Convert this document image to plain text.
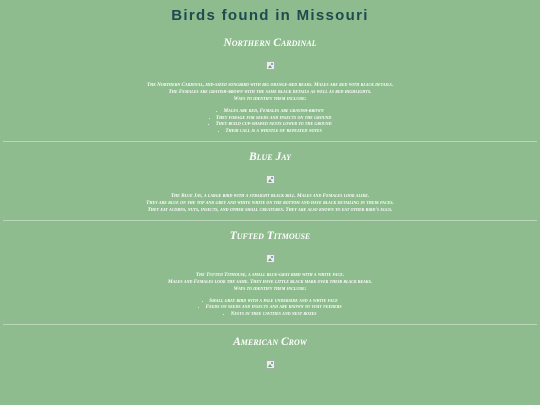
Birds found in Missouri
Northern Cardinal
The Northern Cardinal, mid-sized songbird with big orange-red beaks. Males are red with black details.
The Females are grayish-brown with the same black details as well as red highlights.
Ways to identify them include:
• Males are red, Females are grayish-brown
• They forage for seeds and insects on the ground
• They build cup-shaped nests lower to the ground
• Their call is a whistle of repeated notes
Blue Jay
The Blue Jay, a large bird with a straight black bill. Males and Females look alike.
They are blue on the top and grey and white white on the bottom and have black detailing in their faces.
They eat acorns, nuts, insects, and other small creatures. They are also known to eat other bird's eggs.
Tufted Titmouse
The Tufted Titmouse, a small blue-gray bird with a white face.
Males and Females look the same. They have little black mark over their black beaks.
Ways to identify them include:
• Small gray bird with a pale underside and a white face
• Feeds on seeds and insects and are known to visit feeders
• Nests in tree cavities and nest boxes
American Crow
